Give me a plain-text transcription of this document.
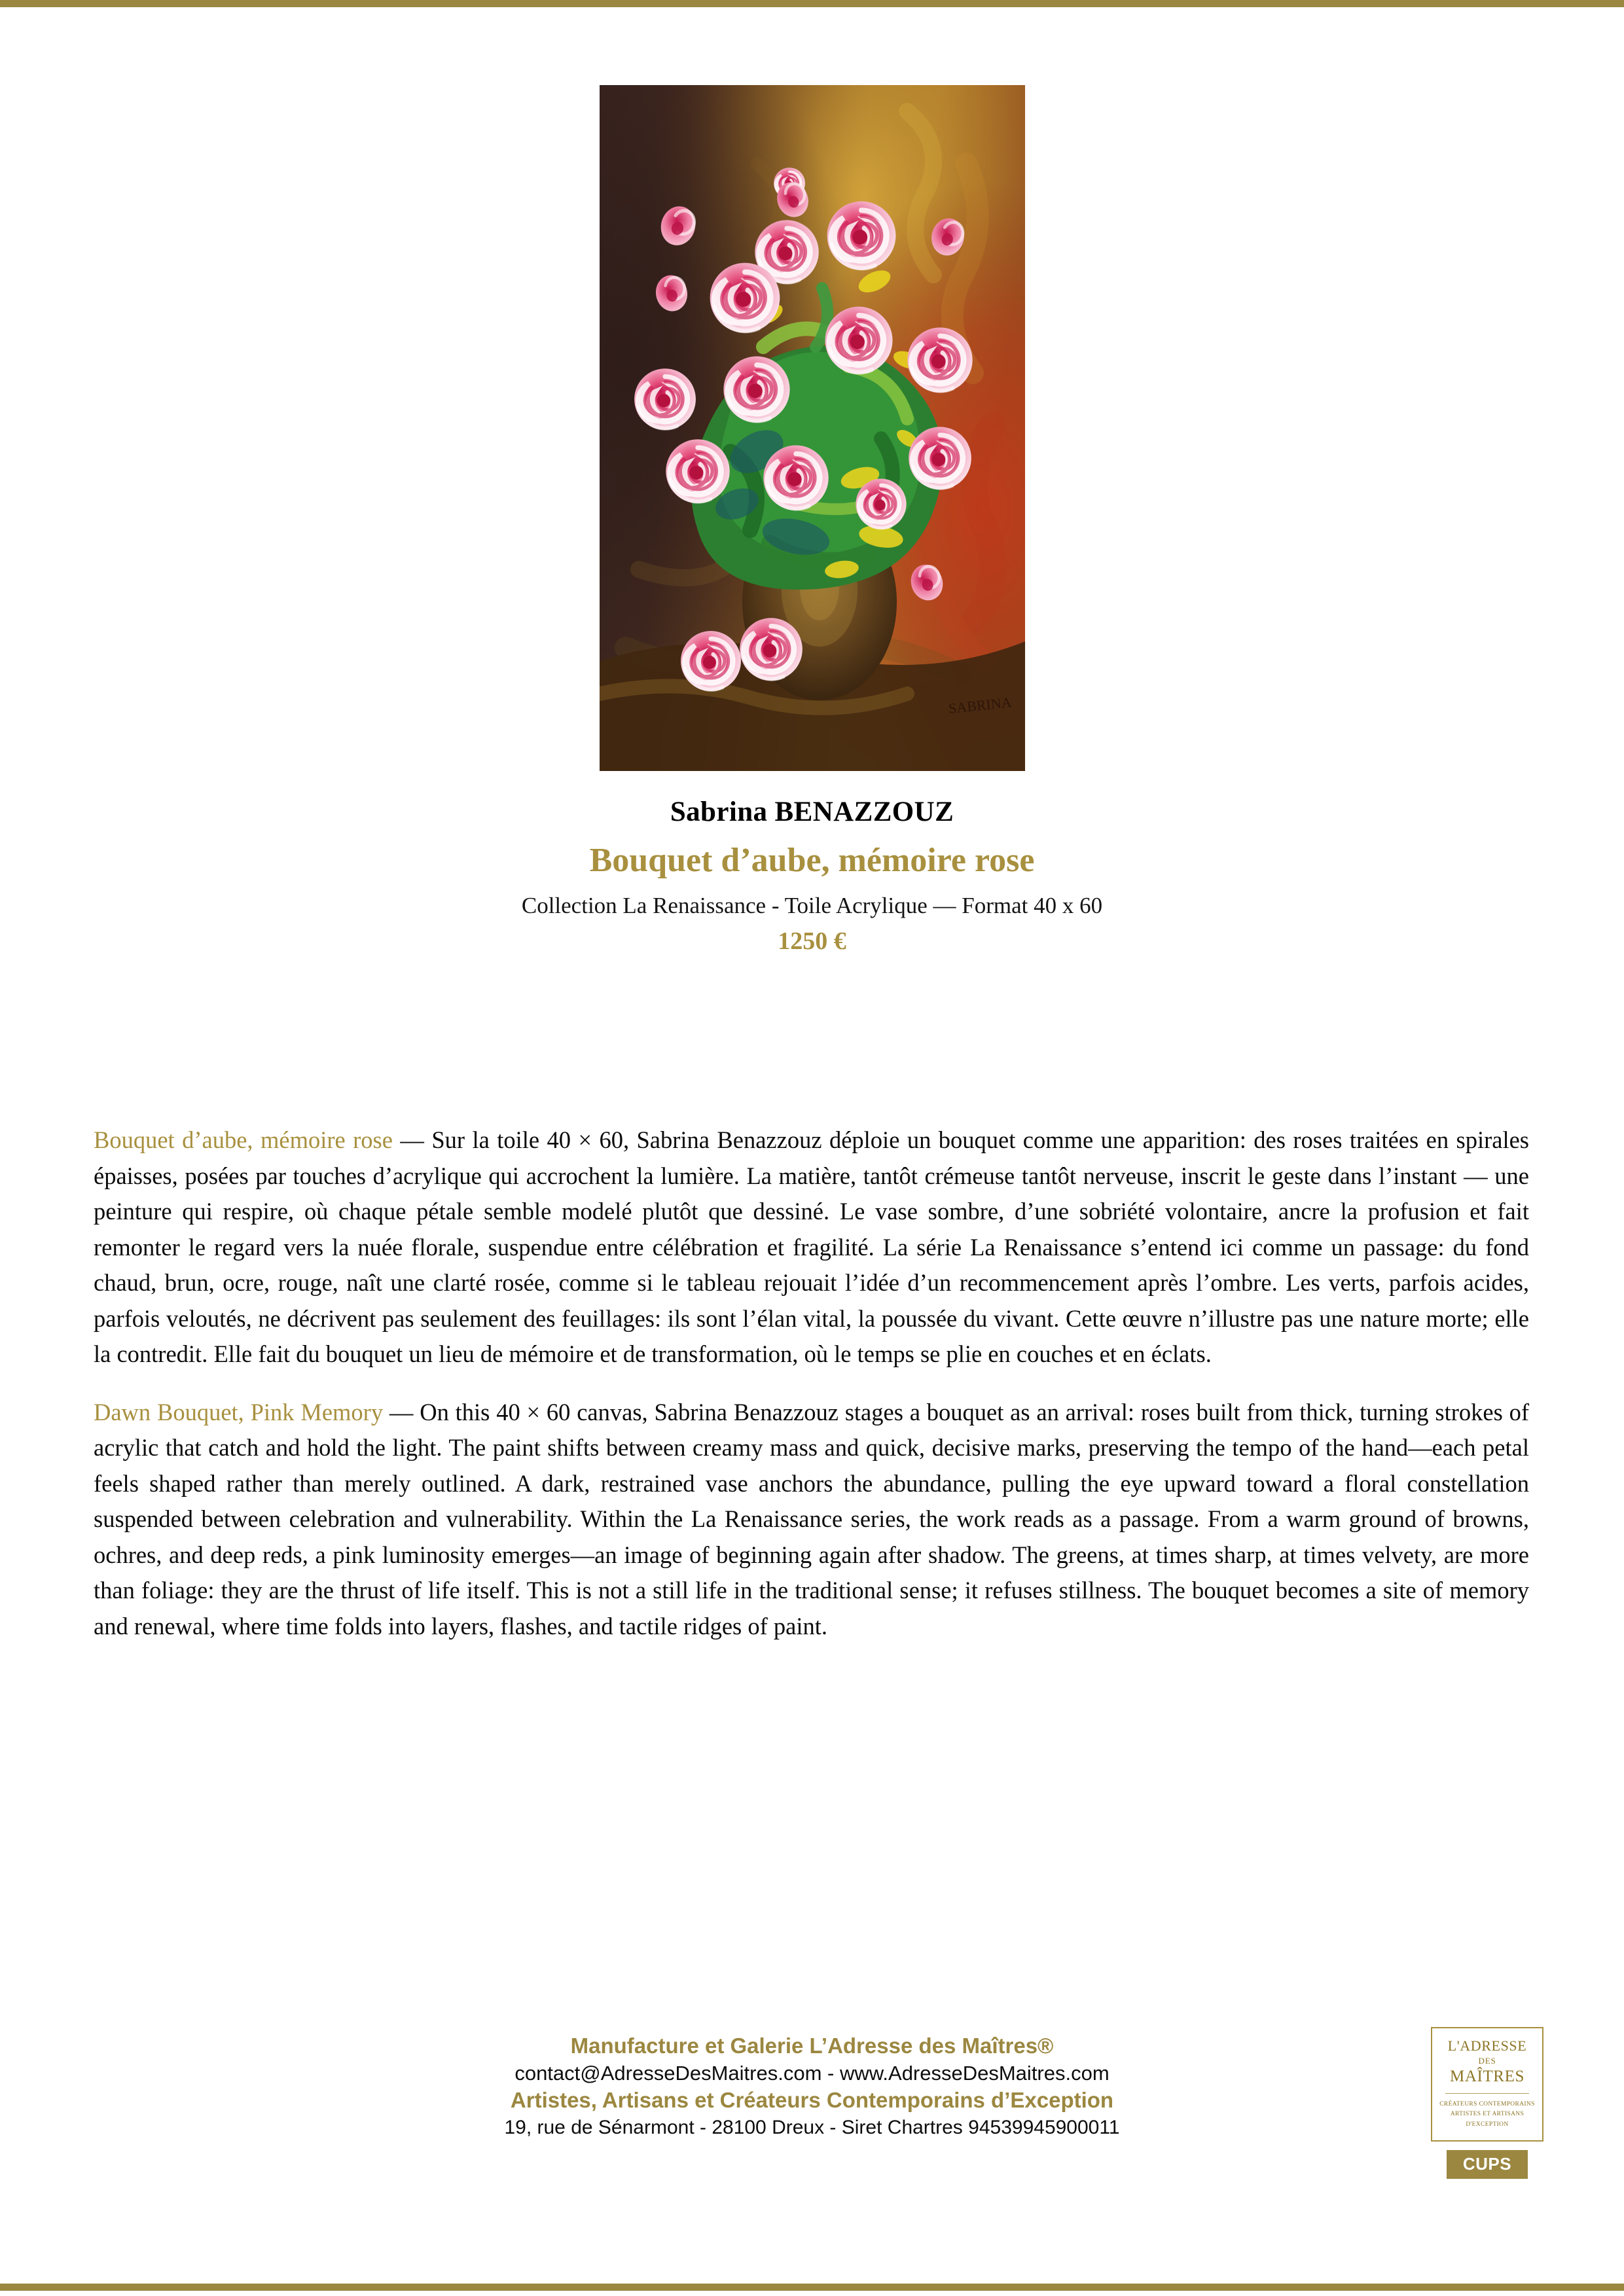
SABRINA
Sabrina BENAZZOUZ
Bouquet d’aube, mémoire rose
Collection La Renaissance - Toile Acrylique — Format 40 x 60
1250 €

Bouquet d’aube, mémoire rose — Sur la toile 40 × 60, Sabrina Benazzouz déploie un bouquet comme une apparition: des roses traitées en spirales épaisses, posées par touches d’acrylique qui accrochent la lumière. La matière, tantôt crémeuse tantôt nerveuse, inscrit le geste dans l’instant — une peinture qui respire, où chaque pétale semble modelé plutôt que dessiné. Le vase sombre, d’une sobriété volontaire, ancre la profusion et fait remonter le regard vers la nuée florale, suspendue entre célébration et fragilité. La série La Renaissance s’entend ici comme un passage: du fond chaud, brun, ocre, rouge, naît une clarté rosée, comme si le tableau rejouait l’idée d’un recommencement après l’ombre. Les verts, parfois acides, parfois veloutés, ne décrivent pas seulement des feuillages: ils sont l’élan vital, la poussée du vivant. Cette œuvre n’illustre pas une nature morte; elle la contredit. Elle fait du bouquet un lieu de mémoire et de transformation, où le temps se plie en couches et en éclats.

Dawn Bouquet, Pink Memory — On this 40 × 60 canvas, Sabrina Benazzouz stages a bouquet as an arrival: roses built from thick, turning strokes of acrylic that catch and hold the light. The paint shifts between creamy mass and quick, decisive marks, preserving the tempo of the hand—each petal feels shaped rather than merely outlined. A dark, restrained vase anchors the abundance, pulling the eye upward toward a floral constellation suspended between celebration and vulnerability. Within the La Renaissance series, the work reads as a passage. From a warm ground of browns, ochres, and deep reds, a pink luminosity emerges—an image of beginning again after shadow. The greens, at times sharp, at times velvety, are more than foliage: they are the thrust of life itself. This is not a still life in the traditional sense; it refuses stillness. The bouquet becomes a site of memory and renewal, where time folds into layers, flashes, and tactile ridges of paint.

Manufacture et Galerie L’Adresse des Maîtres®
contact@AdresseDesMaitres.com - www.AdresseDesMaitres.com
Artistes, Artisans et Créateurs Contemporains d’Exception
19, rue de Sénarmont - 28100 Dreux - Siret Chartres 94539945900011
L'ADRESSE
DES
MAÎTRES
CRÉATEURS CONTEMPORAINS
ARTISTES ET ARTISANS
D'EXCEPTION
CUPS
